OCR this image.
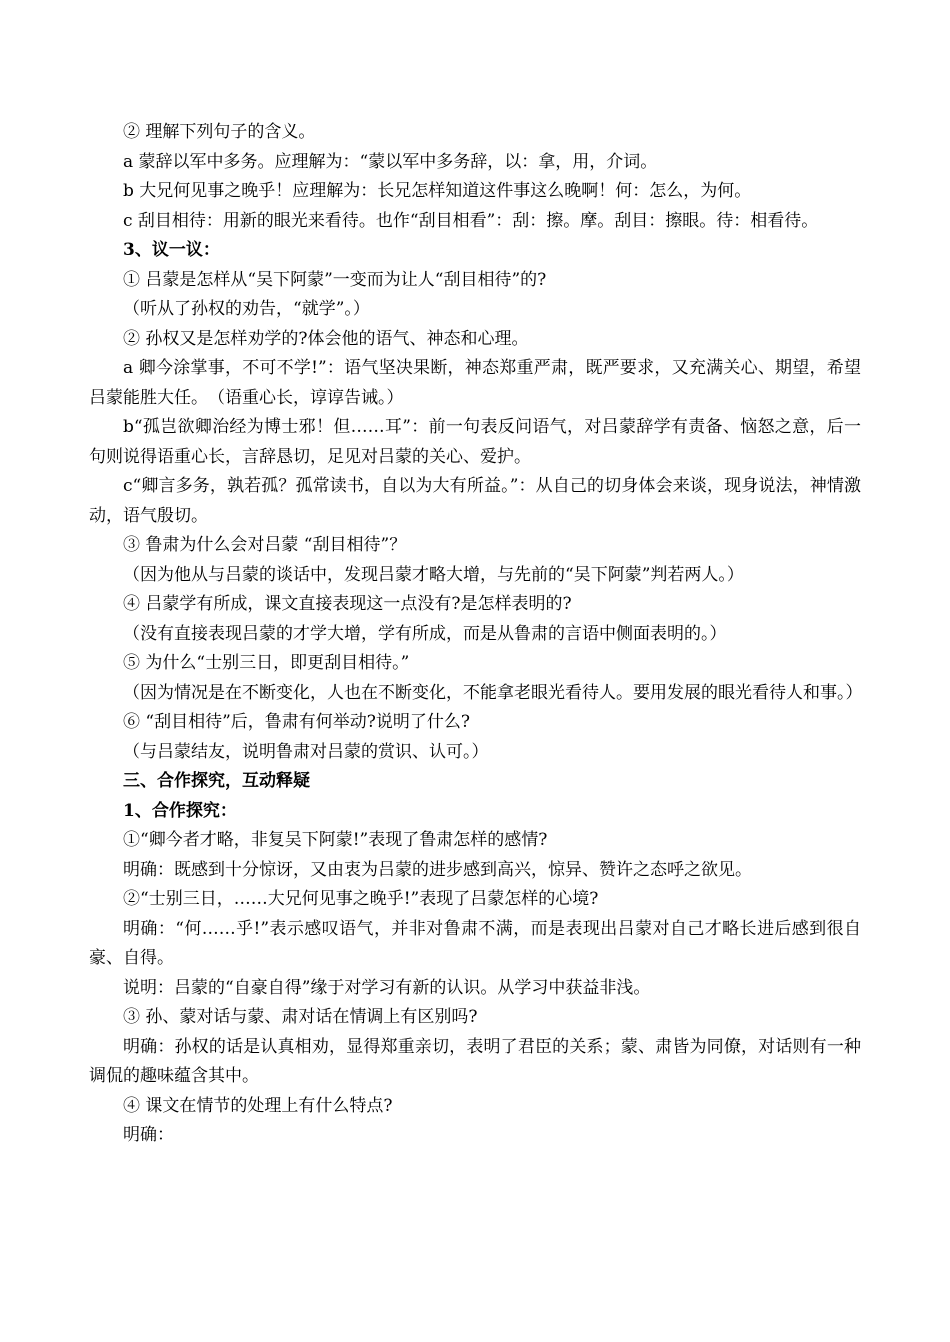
② 理解下列句子的含义。

a 蒙辞以军中多务。应理解为：“蒙以军中多务辞，以：拿，用，介词。

b 大兄何见事之晚乎！应理解为：长兄怎样知道这件事这么晚啊！何：怎么，为何。

c 刮目相待：用新的眼光来看待。也作“刮目相看”：刮：擦。摩。刮目：擦眼。待：相看待。

3、议一议：

① 吕蒙是怎样从“吴下阿蒙”一变而为让人“刮目相待”的?

（听从了孙权的劝告，“就学”。）

② 孙权又是怎样劝学的?体会他的语气、神态和心理。

a 卿今涂掌事，不可不学!”：语气坚决果断，神态郑重严肃，既严要求，又充满关心、期望，希望吕蒙能胜大任。　（语重心长，谆谆告诫。）

b“孤岂欲卿治经为博士邪！但……耳”：前一句表反问语气，对吕蒙辞学有责备、恼怒之意，后一句则说得语重心长，言辞恳切，足见对吕蒙的关心、爱护。

c“卿言多务，孰若孤？孤常读书，自以为大有所益。”：从自己的切身体会来谈，现身说法，神情激动，语气殷切。

③ 鲁肃为什么会对吕蒙 “刮目相待”？

（因为他从与吕蒙的谈话中，发现吕蒙才略大增，与先前的“吴下阿蒙”判若两人。）

④ 吕蒙学有所成，课文直接表现这一点没有?是怎样表明的?

（没有直接表现吕蒙的才学大增，学有所成，而是从鲁肃的言语中侧面表明的。）

⑤ 为什么“士别三日，即更刮目相待。”

（因为情况是在不断变化，人也在不断变化，不能拿老眼光看待人。要用发展的眼光看待人和事。）

⑥ “刮目相待”后，鲁肃有何举动?说明了什么?

（与吕蒙结友，说明鲁肃对吕蒙的赏识、认可。）

三、合作探究，互动释疑

1、合作探究：

①“卿今者才略，非复吴下阿蒙!”表现了鲁肃怎样的感情?

明确：既感到十分惊讶，又由衷为吕蒙的进步感到高兴，惊异、赞许之态呼之欲见。

②“士别三日，……大兄何见事之晚乎!”表现了吕蒙怎样的心境?

明确：“何……乎!”表示感叹语气，并非对鲁肃不满，而是表现出吕蒙对自己才略长进后感到很自豪、自得。

说明：吕蒙的“自豪自得”缘于对学习有新的认识。从学习中获益非浅。

③ 孙、蒙对话与蒙、肃对话在情调上有区别吗?

明确：孙权的话是认真相劝，显得郑重亲切，表明了君臣的关系；蒙、肃皆为同僚，对话则有一种调侃的趣味蕴含其中。

④ 课文在情节的处理上有什么特点?

明确：
